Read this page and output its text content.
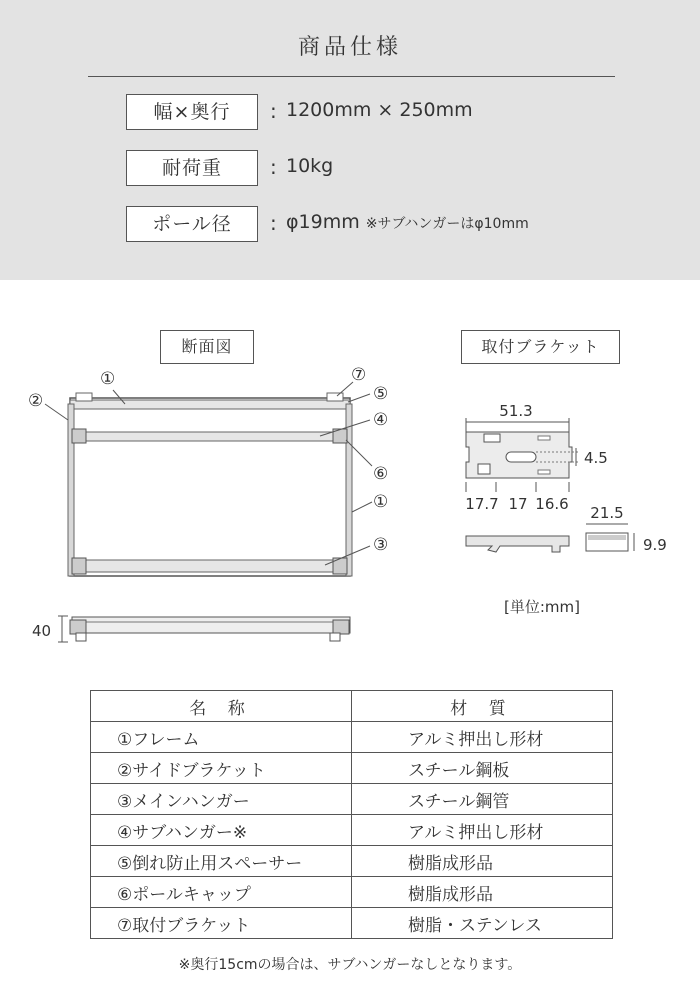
商品仕様
幅×奥行	: 1200mm × 250mm
耐荷重	: 10kg
ポール径	: φ19mm ※サブハンガーはφ10mm
断面図	取付ブラケット
①
②
③
④
⑤
⑥
⑦
①
40
51.3
4.5
17.7 17 16.6 21.5
9.9
[単位:mm]
名 称	材 質
①フレーム	アルミ押出し形材
②サイドブラケット	スチール鋼板
③メインハンガー	スチール鋼管
④サブハンガー※	アルミ押出し形材
⑤倒れ防止用スペーサー	樹脂成形品
⑥ポールキャップ	樹脂成形品
⑦取付ブラケット	樹脂・ステンレス
※奥行15cmの場合は、サブハンガーなしとなります。
